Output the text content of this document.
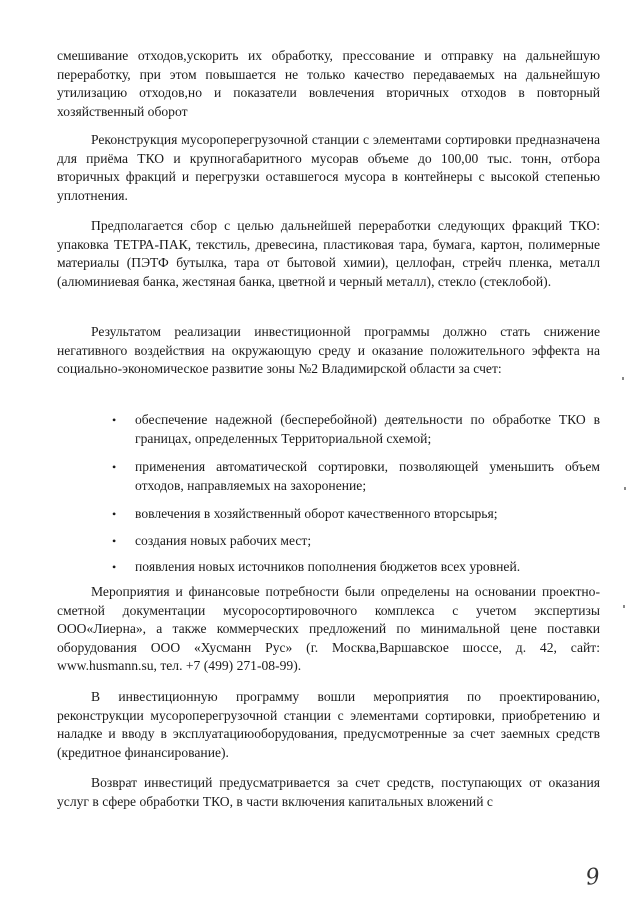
смешивание отходов,ускорить их обработку, прессование и отправку на дальнейшую переработку, при этом повышается не только качество передаваемых на дальнейшую утилизацию отходов,но и показатели вовлечения вторичных отходов в повторный хозяйственный оборот

Реконструкция мусороперегрузочной станции с элементами сортировки предназначена для приёма ТКО и крупногабаритного мусорав объеме до 100,00 тыс. тонн, отбора вторичных фракций и перегрузки оставшегося мусора в контейнеры с высокой степенью уплотнения.

Предполагается сбор с целью дальнейшей переработки следующих фракций ТКО: упаковка ТЕТРА-ПАК, текстиль, древесина, пластиковая тара, бумага, картон, полимерные материалы (ПЭТФ бутылка, тара от бытовой химии), целлофан, стрейч пленка, металл (алюминиевая банка, жестяная банка, цветной и черный металл), стекло (стеклобой).

Результатом реализации инвестиционной программы должно стать снижение негативного воздействия на окружающую среду и оказание положительного эффекта на социально-экономическое развитие зоны №2 Владимирской области за счет:

• обеспечение надежной (бесперебойной) деятельности по обработке ТКО в границах, определенных Территориальной схемой;

• применения автоматической сортировки, позволяющей уменьшить объем отходов, направляемых на захоронение;

• вовлечения в хозяйственный оборот качественного вторсырья;

• создания новых рабочих мест;

• появления новых источников пополнения бюджетов всех уровней.

Мероприятия и финансовые потребности были определены на основании проектно-сметной документации мусоросортировочного комплекса с учетом экспертизы ООО«Лиерна», а также коммерческих предложений по минимальной цене поставки оборудования ООО «Хусманн Рус» (г. Москва,Варшавское шоссе, д. 42, сайт: www.husmann.su, тел. +7 (499) 271-08-99).

В инвестиционную программу вошли мероприятия по проектированию, реконструкции мусороперегрузочной станции с элементами сортировки, приобретению и наладке и вводу в эксплуатациюоборудования, предусмотренные за счет заемных средств (кредитное финансирование).

Возврат инвестиций предусматривается за счет средств, поступающих от оказания услуг в сфере обработки ТКО, в части включения капитальных вложений с

9
